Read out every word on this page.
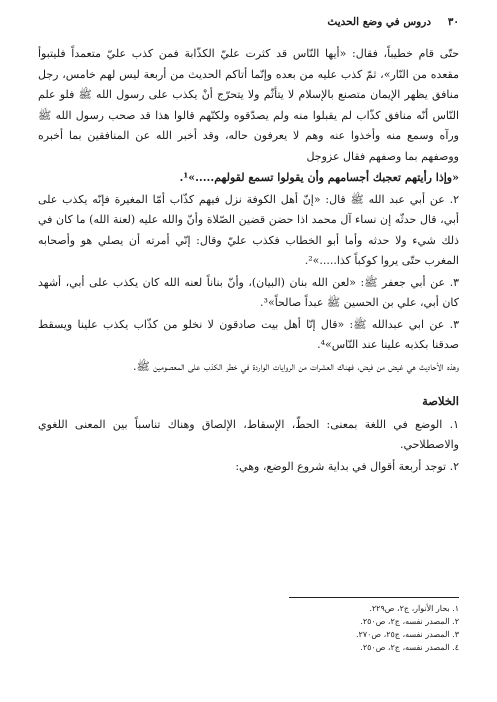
٣٠
دروس في وضع الحديث

حتّى قام خطيباً، فقال: «أيها النّاس قد كثرت عليّ الكذّابة فمن كذب عليّ متعمداً فليتبوأ مقعده من النّار»، ثمّ كذب عليه من بعده وإنّما أتاكم الحديث من أربعة ليس لهم خامس، رجل منافق يظهر الإيمان متصنع بالإسلام لا يتأثّم ولا يتحرّج أنْ يكذب على رسول الله ﷺ فلو علم النّاس أنّه منافق كذّاب لم يقبلوا منه ولم يصدّقوه ولكنّهم قالوا هذا قد صحب رسول الله ﷺ ورآه وسمع منه وأخذوا عنه وهم لا يعرفون حاله، وقد أخبر الله عن المنافقين بما أخبره ووصفهم بما وصفهم فقال عزوجل

«وإذا رأيتهم تعجبك أجسامهم وأن يقولوا تسمع لقولهم.....»¹.

٢. عن أبي عبد الله ﷺ قال: «إنّ أهل الكوفة نزل فيهم كذّاب أمّا المغيرة فإنّه يكذب على أبي، قال حدثّه إن نساء آل محمد اذا حضن قضين الصّلاة وأنّ والله عليه (لعنة الله) ما كان في ذلك شيء ولا حدثه وأما أبو الخطاب فكذب عليّ وقال: إنّي أمرته أن يصلي هو وأصحابه المغرب حتّى يروا كوكباً كذا.....»².

٣. عن أبي جعفر ﷺ: «لعن الله بنان (البيان)، وأنّ بناناً لعنه الله كان يكذب على أبي، أشهد كان أبي، علي بن الحسين ﷺ عبداً صالحاً»³.

٣. عن ابي عبدالله ﷺ: «قال إنّا أهل بيت صادقون لا نخلو من كذّاب يكذب علينا ويسقط صدقنا بكذبه علينا عند النّاس»⁴.

وهذه الأحاديث هي غيض من فيض، فهناك العشرات من الروايات الواردة في خطر الكذب على المعصومين ﷺ.

الخلاصة

١. الوضع في اللغة بمعنى: الحطّ، الإسقاط، الإلصاق وهناك تناسباً بين المعنى اللغوي والاصطلاحي.

٢. توجد أربعة أقوال في بداية شروع الوضع، وهي:

١. بحار الأنوار، ج٢، ص٢٢٩.
٢. المصدر نفسه، ج٢، ص٢٥٠.
٣. المصدر نفسه، ج٢٥، ص٢٧٠.
٤. المصدر نفسه، ج٢، ص٢٥٠.
